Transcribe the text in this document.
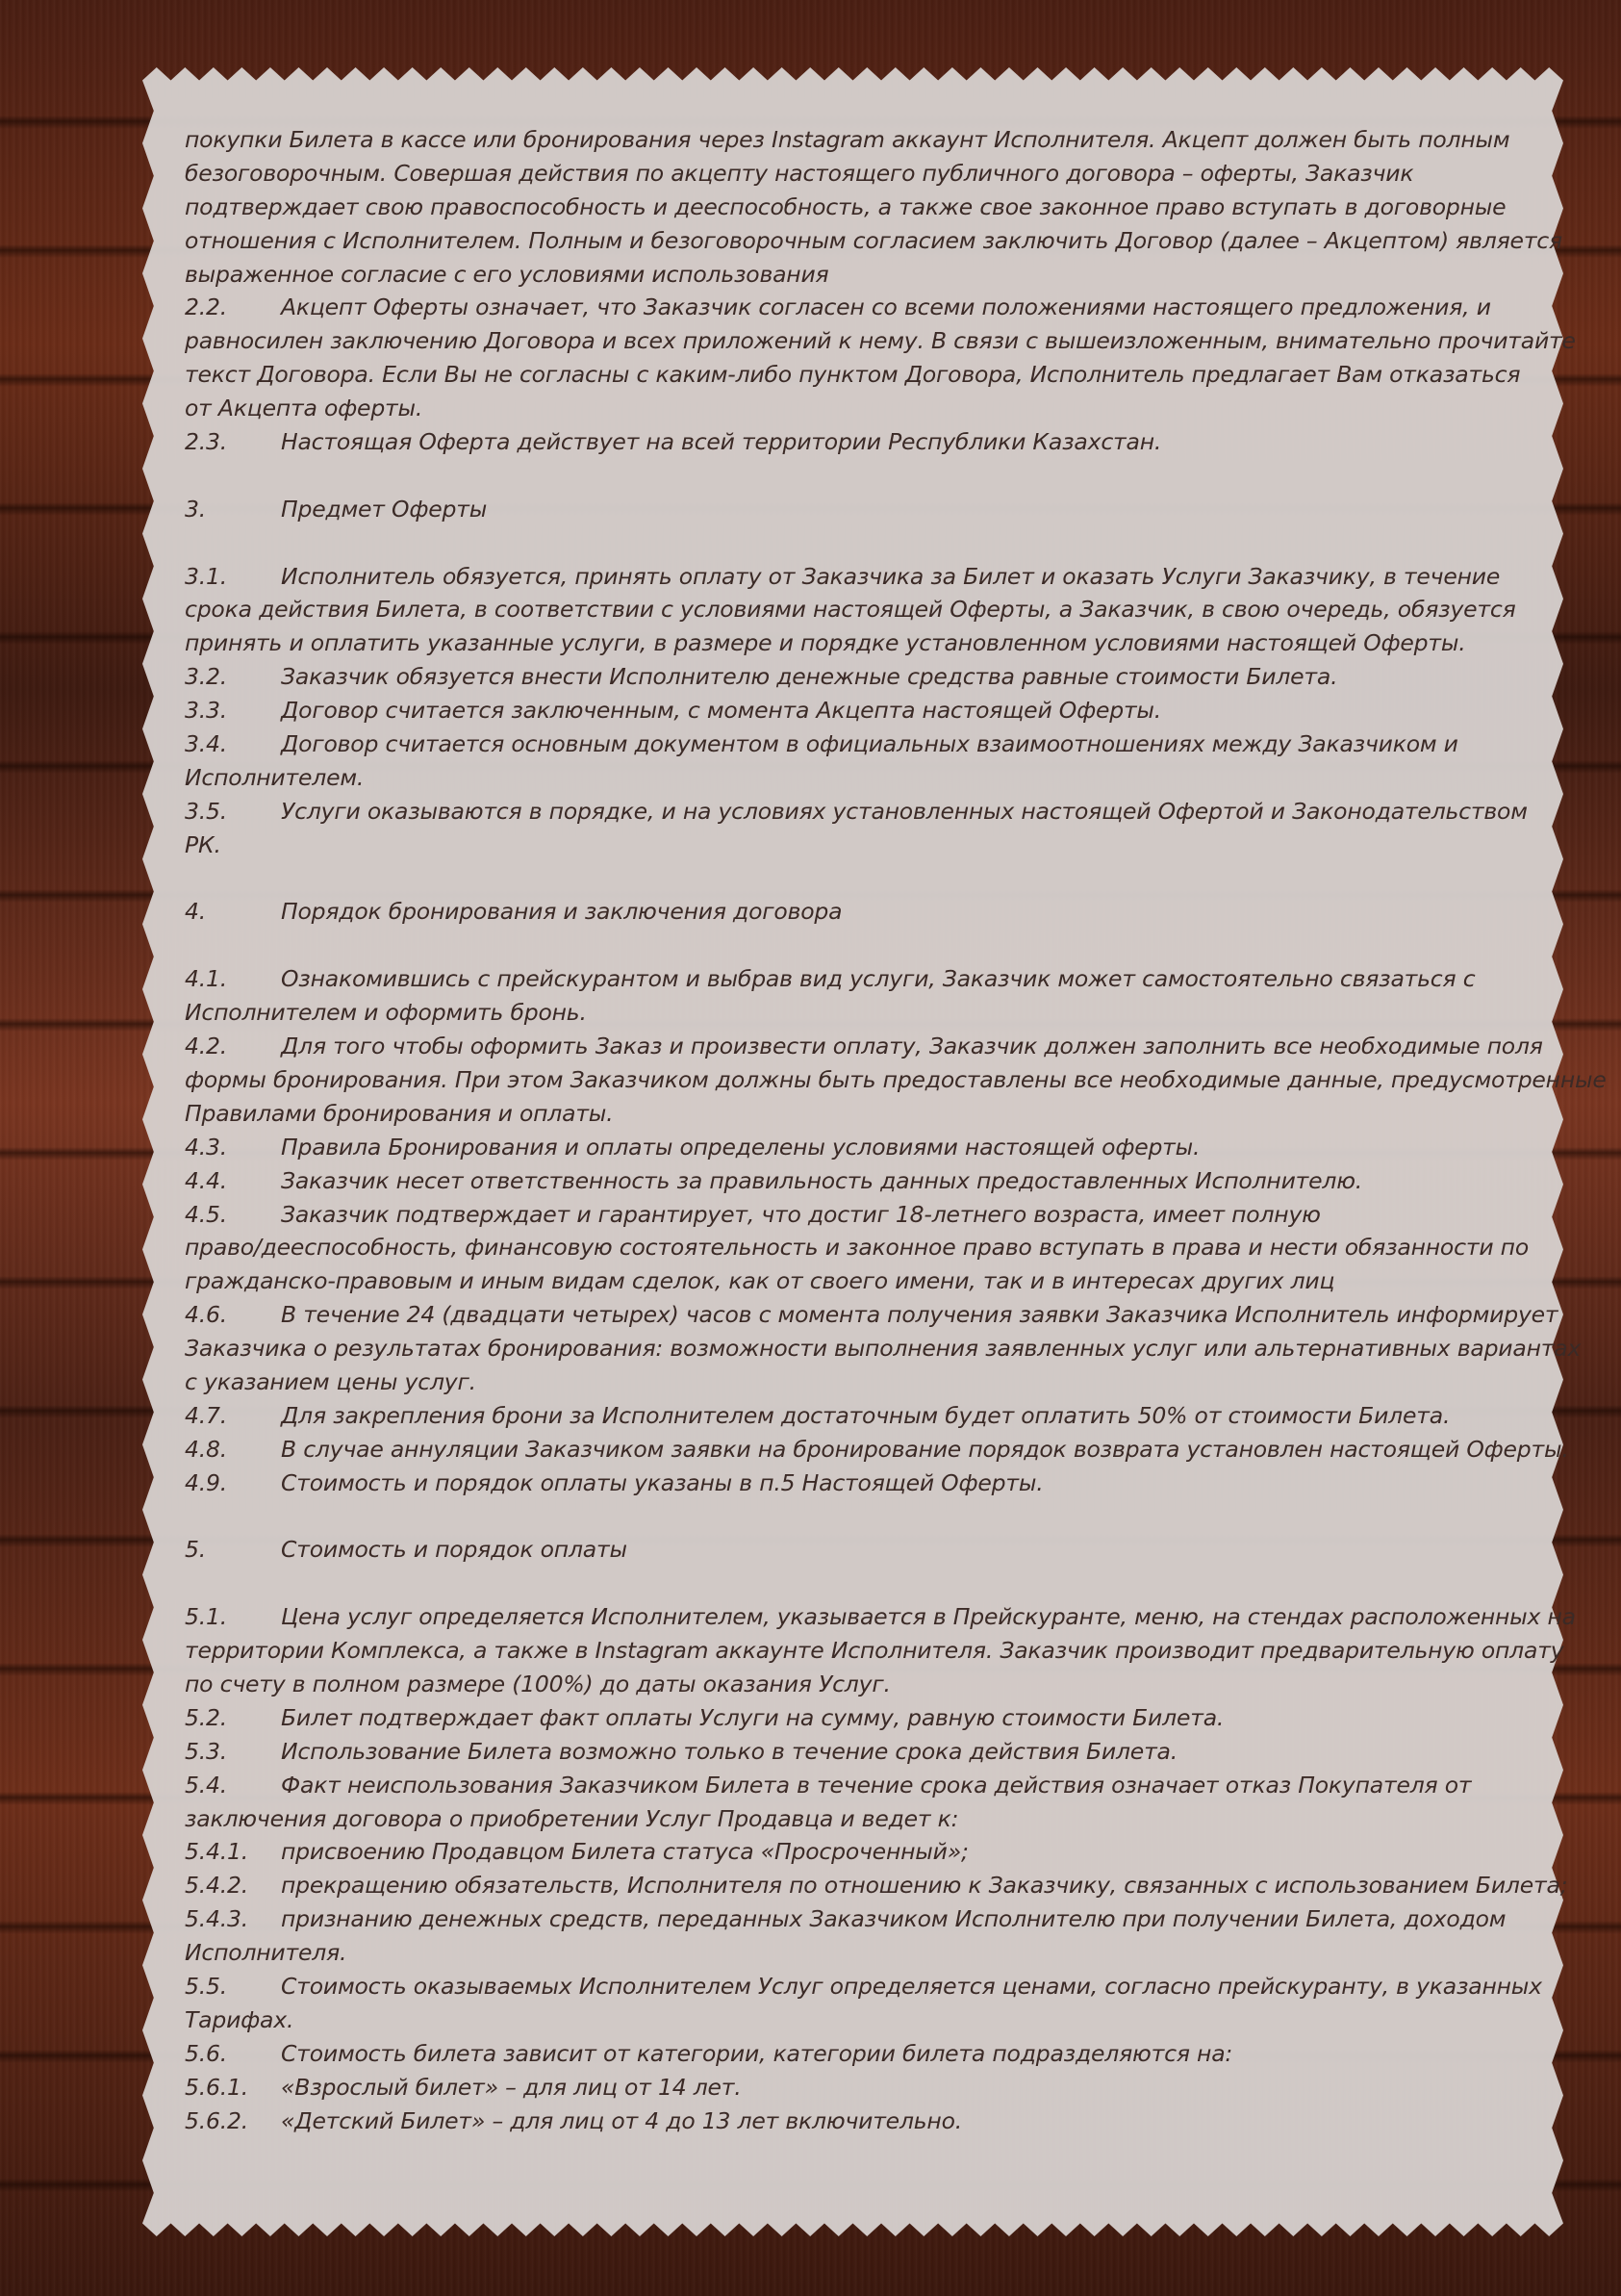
покупки Билета в кассе или бронирования через Instagram аккаунт Исполнителя. Акцепт должен быть полным
безоговорочным. Совершая действия по акцепту настоящего публичного договора – оферты, Заказчик
подтверждает свою правоспособность и дееспособность, а также свое законное право вступать в договорные
отношения с Исполнителем. Полным и безоговорочным согласием заключить Договор (далее – Акцептом) является
выраженное согласие с его условиями использования
2.2.	Акцепт Оферты означает, что Заказчик согласен со всеми положениями настоящего предложения, и
равносилен заключению Договора и всех приложений к нему. В связи с вышеизложенным, внимательно прочитайте
текст Договора. Если Вы не согласны с каким-либо пунктом Договора, Исполнитель предлагает Вам отказаться
от Акцепта оферты.
2.3.	Настоящая Оферта действует на всей территории Республики Казахстан.
3.	Предмет Оферты
3.1.	Исполнитель обязуется, принять оплату от Заказчика за Билет и оказать Услуги Заказчику, в течение
срока действия Билета, в соответствии с условиями настоящей Оферты, а Заказчик, в свою очередь, обязуется
принять и оплатить указанные услуги, в размере и порядке установленном условиями настоящей Оферты.
3.2.	Заказчик обязуется внести Исполнителю денежные средства равные стоимости Билета.
3.3.	Договор считается заключенным, с момента Акцепта настоящей Оферты.
3.4.	Договор считается основным документом в официальных взаимоотношениях между Заказчиком и
Исполнителем.
3.5.	Услуги оказываются в порядке, и на условиях установленных настоящей Офертой и Законодательством
РК.
4.	Порядок бронирования и заключения договора
4.1.	Ознакомившись с прейскурантом и выбрав вид услуги, Заказчик может самостоятельно связаться с
Исполнителем и оформить бронь.
4.2.	Для того чтобы оформить Заказ и произвести оплату, Заказчик должен заполнить все необходимые поля
формы бронирования. При этом Заказчиком должны быть предоставлены все необходимые данные, предусмотренные
Правилами бронирования и оплаты.
4.3.	Правила Бронирования и оплаты определены условиями настоящей оферты.
4.4.	Заказчик несет ответственность за правильность данных предоставленных Исполнителю.
4.5.	Заказчик подтверждает и гарантирует, что достиг 18-летнего возраста, имеет полную
право/дееспособность, финансовую состоятельность и законное право вступать в права и нести обязанности по
гражданско-правовым и иным видам сделок, как от своего имени, так и в интересах других лиц
4.6.	В течение 24 (двадцати четырех) часов с момента получения заявки Заказчика Исполнитель информирует
Заказчика о результатах бронирования: возможности выполнения заявленных услуг или альтернативных вариантах
с указанием цены услуг.
4.7.	Для закрепления брони за Исполнителем достаточным будет оплатить 50% от стоимости Билета.
4.8.	В случае аннуляции Заказчиком заявки на бронирование порядок возврата установлен настоящей Оферты.
4.9.	Стоимость и порядок оплаты указаны в п.5 Настоящей Оферты.
5.	Стоимость и порядок оплаты
5.1.	Цена услуг определяется Исполнителем, указывается в Прейскуранте, меню, на стендах расположенных на
территории Комплекса, а также в Instagram аккаунте Исполнителя. Заказчик производит предварительную оплату
по счету в полном размере (100%) до даты оказания Услуг.
5.2.	Билет подтверждает факт оплаты Услуги на сумму, равную стоимости Билета.
5.3.	Использование Билета возможно только в течение срока действия Билета.
5.4.	Факт неиспользования Заказчиком Билета в течение срока действия означает отказ Покупателя от
заключения договора о приобретении Услуг Продавца и ведет к:
5.4.1.	присвоению Продавцом Билета статуса «Просроченный»;
5.4.2.	прекращению обязательств, Исполнителя по отношению к Заказчику, связанных с использованием Билета;
5.4.3.	признанию денежных средств, переданных Заказчиком Исполнителю при получении Билета, доходом
Исполнителя.
5.5.	Стоимость оказываемых Исполнителем Услуг определяется ценами, согласно прейскуранту, в указанных
Тарифах.
5.6.	Стоимость билета зависит от категории, категории билета подразделяются на:
5.6.1.	«Взрослый билет» – для лиц от 14 лет.
5.6.2.	«Детский Билет» – для лиц от 4 до 13 лет включительно.
